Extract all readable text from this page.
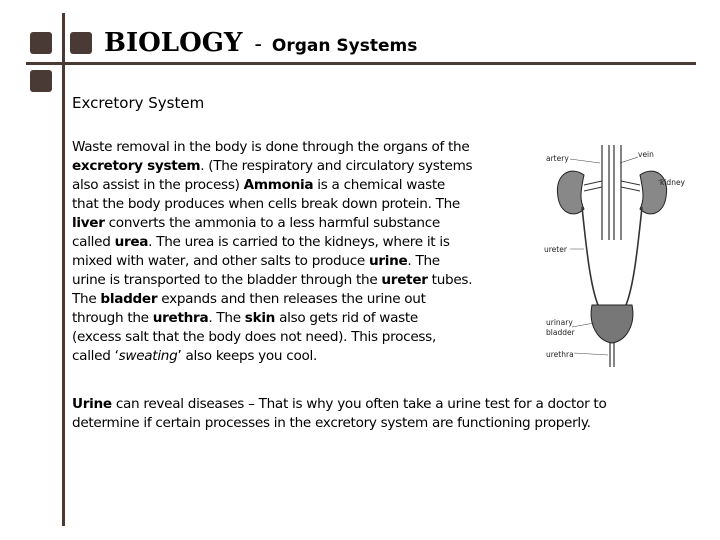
BIOLOGY - Organ Systems
Excretory System
Waste removal in the body is done through the organs of the
excretory system. (The respiratory and circulatory systems
also assist in the process) Ammonia is a chemical waste
that the body produces when cells break down protein. The
liver converts the ammonia to a less harmful substance
called urea. The urea is carried to the kidneys, where it is
mixed with water, and other salts to produce urine. The
urine is transported to the bladder through the ureter tubes.
The bladder expands and then releases the urine out
through the urethra. The skin also gets rid of waste
(excess salt that the body does not need). This process,
called ‘sweating’ also keeps you cool.
Urine can reveal diseases – That is why you often take a urine test for a doctor to
determine if certain processes in the excretory system are functioning properly.
artery	vein
kidney
ureter
urinary
bladder
urethra
